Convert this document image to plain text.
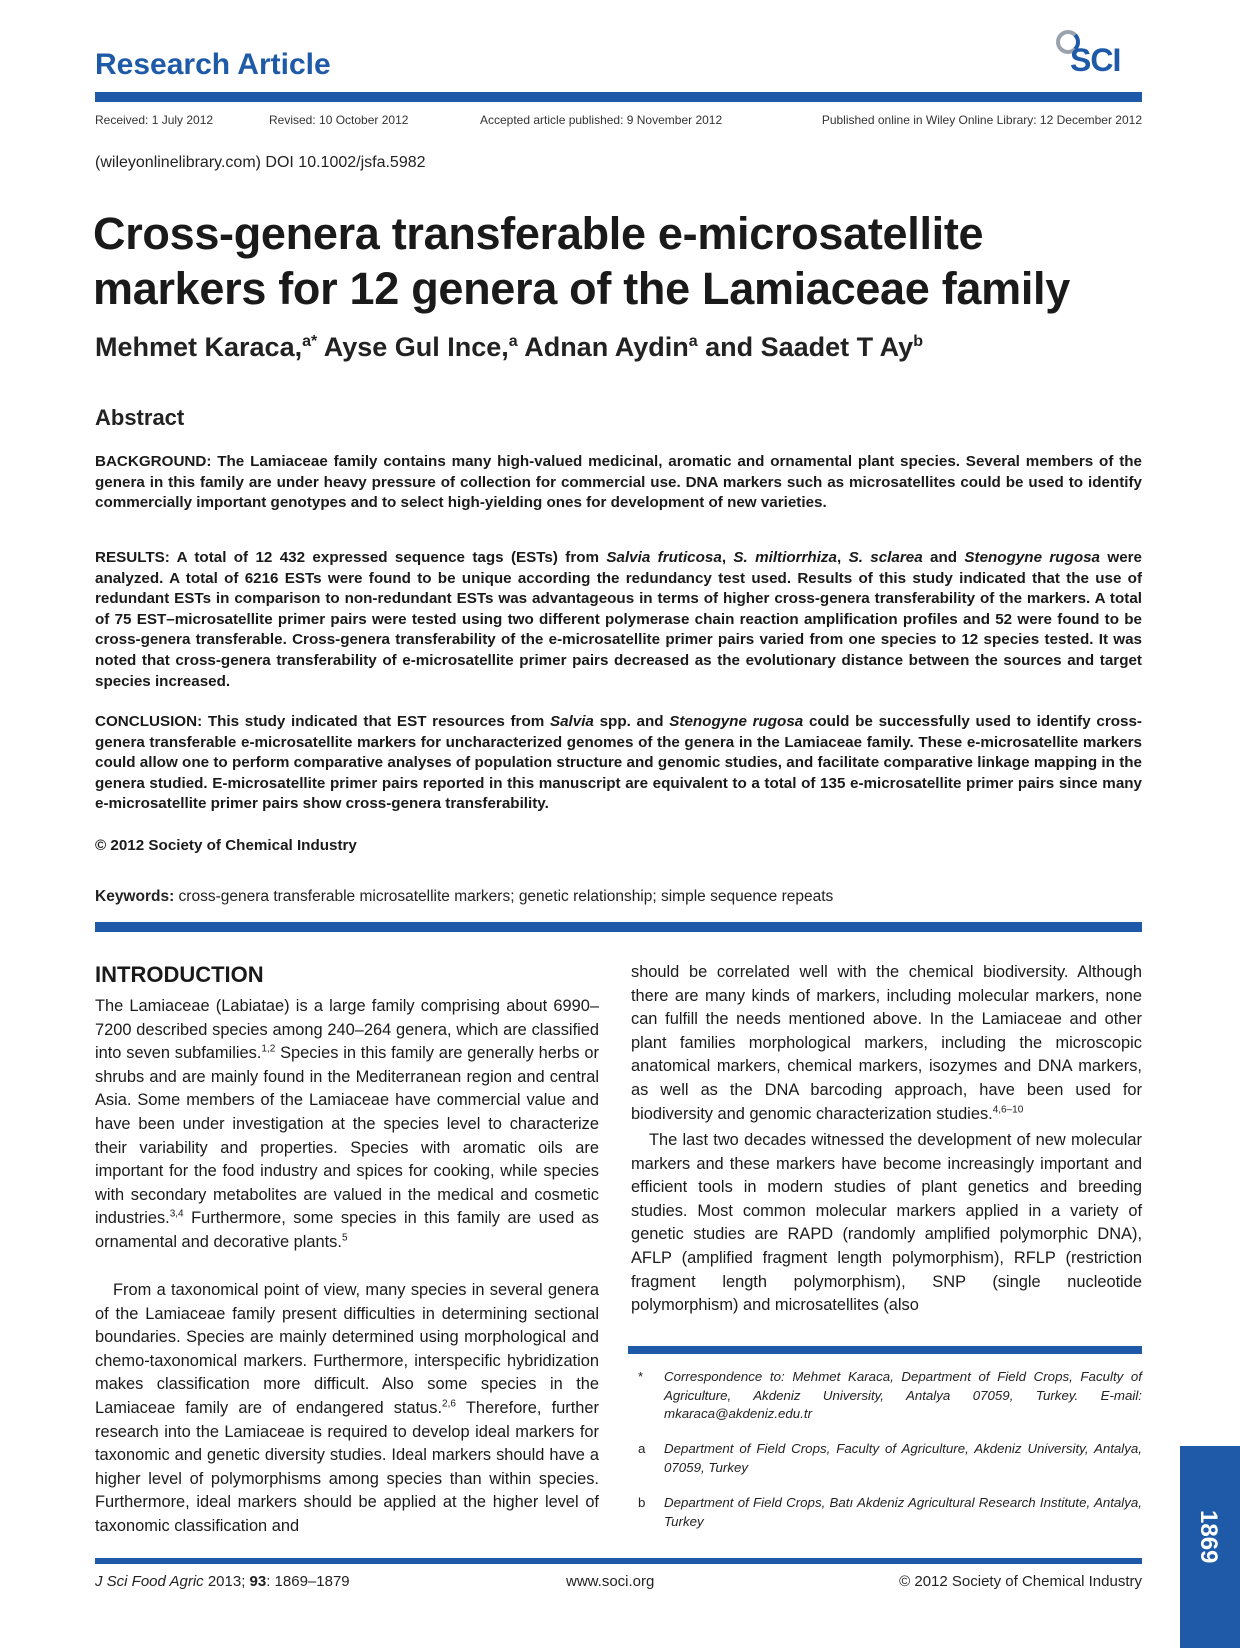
Research Article	SCI
Received: 1 July 2012	Revised: 10 October 2012	Accepted article published: 9 November 2012	Published online in Wiley Online Library: 12 December 2012
(wileyonlinelibrary.com) DOI 10.1002/jsfa.5982
Cross-genera transferable e-microsatellite markers for 12 genera of the Lamiaceae family
Mehmet Karaca,$^{a*}$ Ayse Gul Ince,$^a$ Adnan Aydin$^a$ and Saadet T Ay$^b$
Abstract

BACKGROUND: The Lamiaceae family contains many high-valued medicinal, aromatic and ornamental plant species. Several members of the genera in this family are under heavy pressure of collection for commercial use. DNA markers such as microsatellites could be used to identify commercially important genotypes and to select high-yielding ones for development of new varieties.

RESULTS: A total of 12 432 expressed sequence tags (ESTs) from Salvia fruticosa, S. miltiorrhiza, S. sclarea and Stenogyne rugosa were analyzed. A total of 6216 ESTs were found to be unique according the redundancy test used. Results of this study indicated that the use of redundant ESTs in comparison to non-redundant ESTs was advantageous in terms of higher cross-genera transferability of the markers. A total of 75 EST–microsatellite primer pairs were tested using two different polymerase chain reaction amplification profiles and 52 were found to be cross-genera transferable. Cross-genera transferability of the e-microsatellite primer pairs varied from one species to 12 species tested. It was noted that cross-genera transferability of e-microsatellite primer pairs decreased as the evolutionary distance between the sources and target species increased.

CONCLUSION: This study indicated that EST resources from Salvia spp. and Stenogyne rugosa could be successfully used to identify cross-genera transferable e-microsatellite markers for uncharacterized genomes of the genera in the Lamiaceae family. These e-microsatellite markers could allow one to perform comparative analyses of population structure and genomic studies, and facilitate comparative linkage mapping in the genera studied. E-microsatellite primer pairs reported in this manuscript are equivalent to a total of 135 e-microsatellite primer pairs since many e-microsatellite primer pairs show cross-genera transferability.

© 2012 Society of Chemical Industry
Keywords: cross-genera transferable microsatellite markers; genetic relationship; simple sequence repeats
INTRODUCTION

The Lamiaceae (Labiatae) is a large family comprising about 6990–7200 described species among 240–264 genera, which are classified into seven subfamilies.$^{1,2}$ Species in this family are generally herbs or shrubs and are mainly found in the Mediterranean region and central Asia. Some members of the Lamiaceae have commercial value and have been under investigation at the species level to characterize their variability and properties. Species with aromatic oils are important for the food industry and spices for cooking, while species with secondary metabolites are valued in the medical and cosmetic industries.$^{3,4}$ Furthermore, some species in this family are used as ornamental and decorative plants.$^5$

From a taxonomical point of view, many species in several genera of the Lamiaceae family present difficulties in determining sectional boundaries. Species are mainly determined using morphological and chemo-taxonomical markers. Furthermore, interspecific hybridization makes classification more difficult. Also some species in the Lamiaceae family are of endangered status.$^{2,6}$ Therefore, further research into the Lamiaceae is required to develop ideal markers for taxonomic and genetic diversity studies. Ideal markers should have a higher level of polymorphisms among species than within species. Furthermore, ideal markers should be applied at the higher level of taxonomic classification and

should be correlated well with the chemical biodiversity. Although there are many kinds of markers, including molecular markers, none can fulfill the needs mentioned above. In the Lamiaceae and other plant families morphological markers, including the microscopic anatomical markers, chemical markers, isozymes and DNA markers, as well as the DNA barcoding approach, have been used for biodiversity and genomic characterization studies.$^{4,6-10}$

The last two decades witnessed the development of new molecular markers and these markers have become increasingly important and efficient tools in modern studies of plant genetics and breeding studies. Most common molecular markers applied in a variety of genetic studies are RAPD (randomly amplified polymorphic DNA), AFLP (amplified fragment length polymorphism), RFLP (restriction fragment length polymorphism), SNP (single nucleotide polymorphism) and microsatellites (also

* Correspondence to: Mehmet Karaca, Department of Field Crops, Faculty of Agriculture, Akdeniz University, Antalya 07059, Turkey. E-mail: mkaraca@akdeniz.edu.tr
a Department of Field Crops, Faculty of Agriculture, Akdeniz University, Antalya, 07059, Turkey
b Department of Field Crops, Batı Akdeniz Agricultural Research Institute, Antalya, Turkey
J Sci Food Agric 2013; 93: 1869–1879	www.soci.org	© 2012 Society of Chemical Industry
1869
